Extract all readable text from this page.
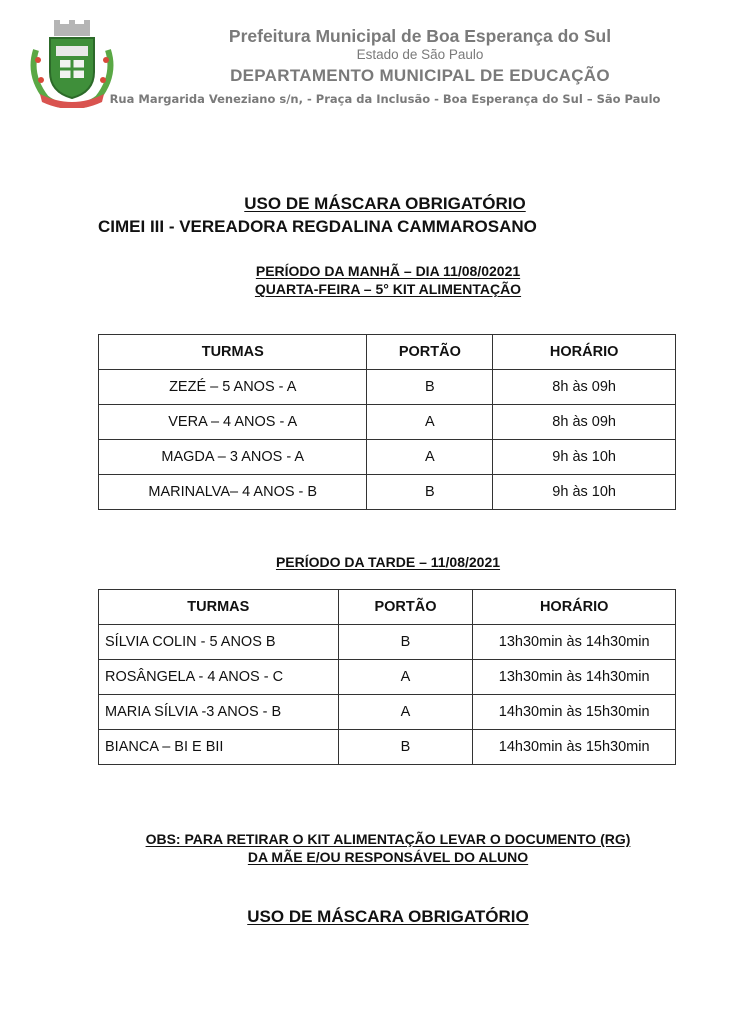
Prefeitura Municipal de Boa Esperança do Sul
Estado de São Paulo
DEPARTAMENTO MUNICIPAL DE EDUCAÇÃO
Rua Margarida Veneziano s/n, - Praça da Inclusão - Boa Esperança do Sul – São Paulo
USO DE MÁSCARA OBRIGATÓRIO
CIMEI III - VEREADORA REGDALINA CAMMAROSANO
PERÍODO DA MANHÃ – DIA 11/08/02021
QUARTA-FEIRA – 5° KIT ALIMENTAÇÃO
TURMAS	PORTÃO	HORÁRIO
ZEZÉ – 5 ANOS - A	B	8h às 09h
VERA – 4 ANOS - A	A	8h às 09h
MAGDA – 3 ANOS - A	A	9h às 10h
MARINALVA– 4 ANOS - B	B	9h às 10h
PERÍODO DA TARDE – 11/08/2021
TURMAS	PORTÃO	HORÁRIO
SÍLVIA COLIN - 5 ANOS B	B	13h30min às 14h30min
ROSÂNGELA - 4 ANOS - C	A	13h30min às 14h30min
MARIA SÍLVIA -3 ANOS - B	A	14h30min às 15h30min
BIANCA – BI E BII	B	14h30min às 15h30min
OBS: PARA RETIRAR O KIT ALIMENTAÇÃO LEVAR O DOCUMENTO (RG)
DA MÃE E/OU RESPONSÁVEL DO ALUNO
USO DE MÁSCARA OBRIGATÓRIO
